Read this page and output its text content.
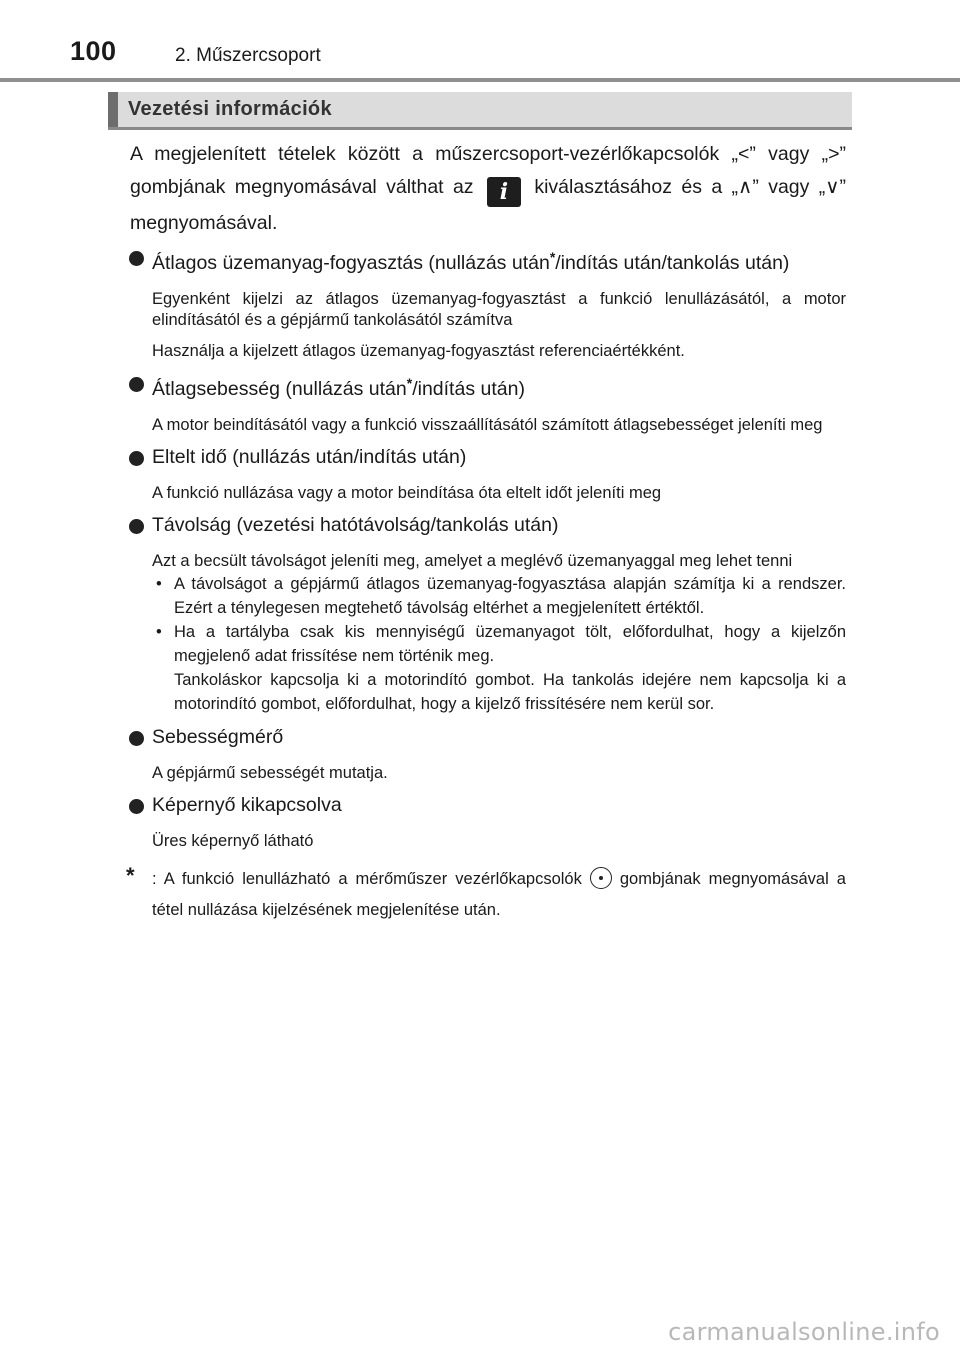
100	2. Műszercsoport
Vezetési információk

A megjelenített tételek között a műszercsoport-vezérlőkapcsolók „<” vagy „>” gombjának megnyomásával válthat az i kiválasztásához és a „∧” vagy „∨” megnyomásával.

Átlagos üzemanyag-fogyasztás (nullázás után*/indítás után/tankolás után)

Egyenként kijelzi az átlagos üzemanyag-fogyasztást a funkció lenullázásától, a motor elindításától és a gépjármű tankolásától számítva

Használja a kijelzett átlagos üzemanyag-fogyasztást referenciaértékként.

Átlagsebesség (nullázás után*/indítás után)

A motor beindításától vagy a funkció visszaállításától számított átlagsebességet jeleníti meg

Eltelt idő (nullázás után/indítás után)

A funkció nullázása vagy a motor beindítása óta eltelt időt jeleníti meg

Távolság (vezetési hatótávolság/tankolás után)

Azt a becsült távolságot jeleníti meg, amelyet a meglévő üzemanyaggal meg lehet tenni

• A távolságot a gépjármű átlagos üzemanyag-fogyasztása alapján számítja ki a rendszer. Ezért a ténylegesen megtehető távolság eltérhet a megjelenített értéktől.
• Ha a tartályba csak kis mennyiségű üzemanyagot tölt, előfordulhat, hogy a kijelzőn megjelenő adat frissítése nem történik meg.
Tankoláskor kapcsolja ki a motorindító gombot. Ha tankolás idejére nem kapcsolja ki a motorindító gombot, előfordulhat, hogy a kijelző frissítésére nem kerül sor.

Sebességmérő

A gépjármű sebességét mutatja.

Képernyő kikapcsolva

Üres képernyő látható

* : A funkció lenullázható a mérőműszer vezérlőkapcsolók gombjának megnyomásával a tétel nullázása kijelzésének megjelenítése után.
carmanualsonline.info
